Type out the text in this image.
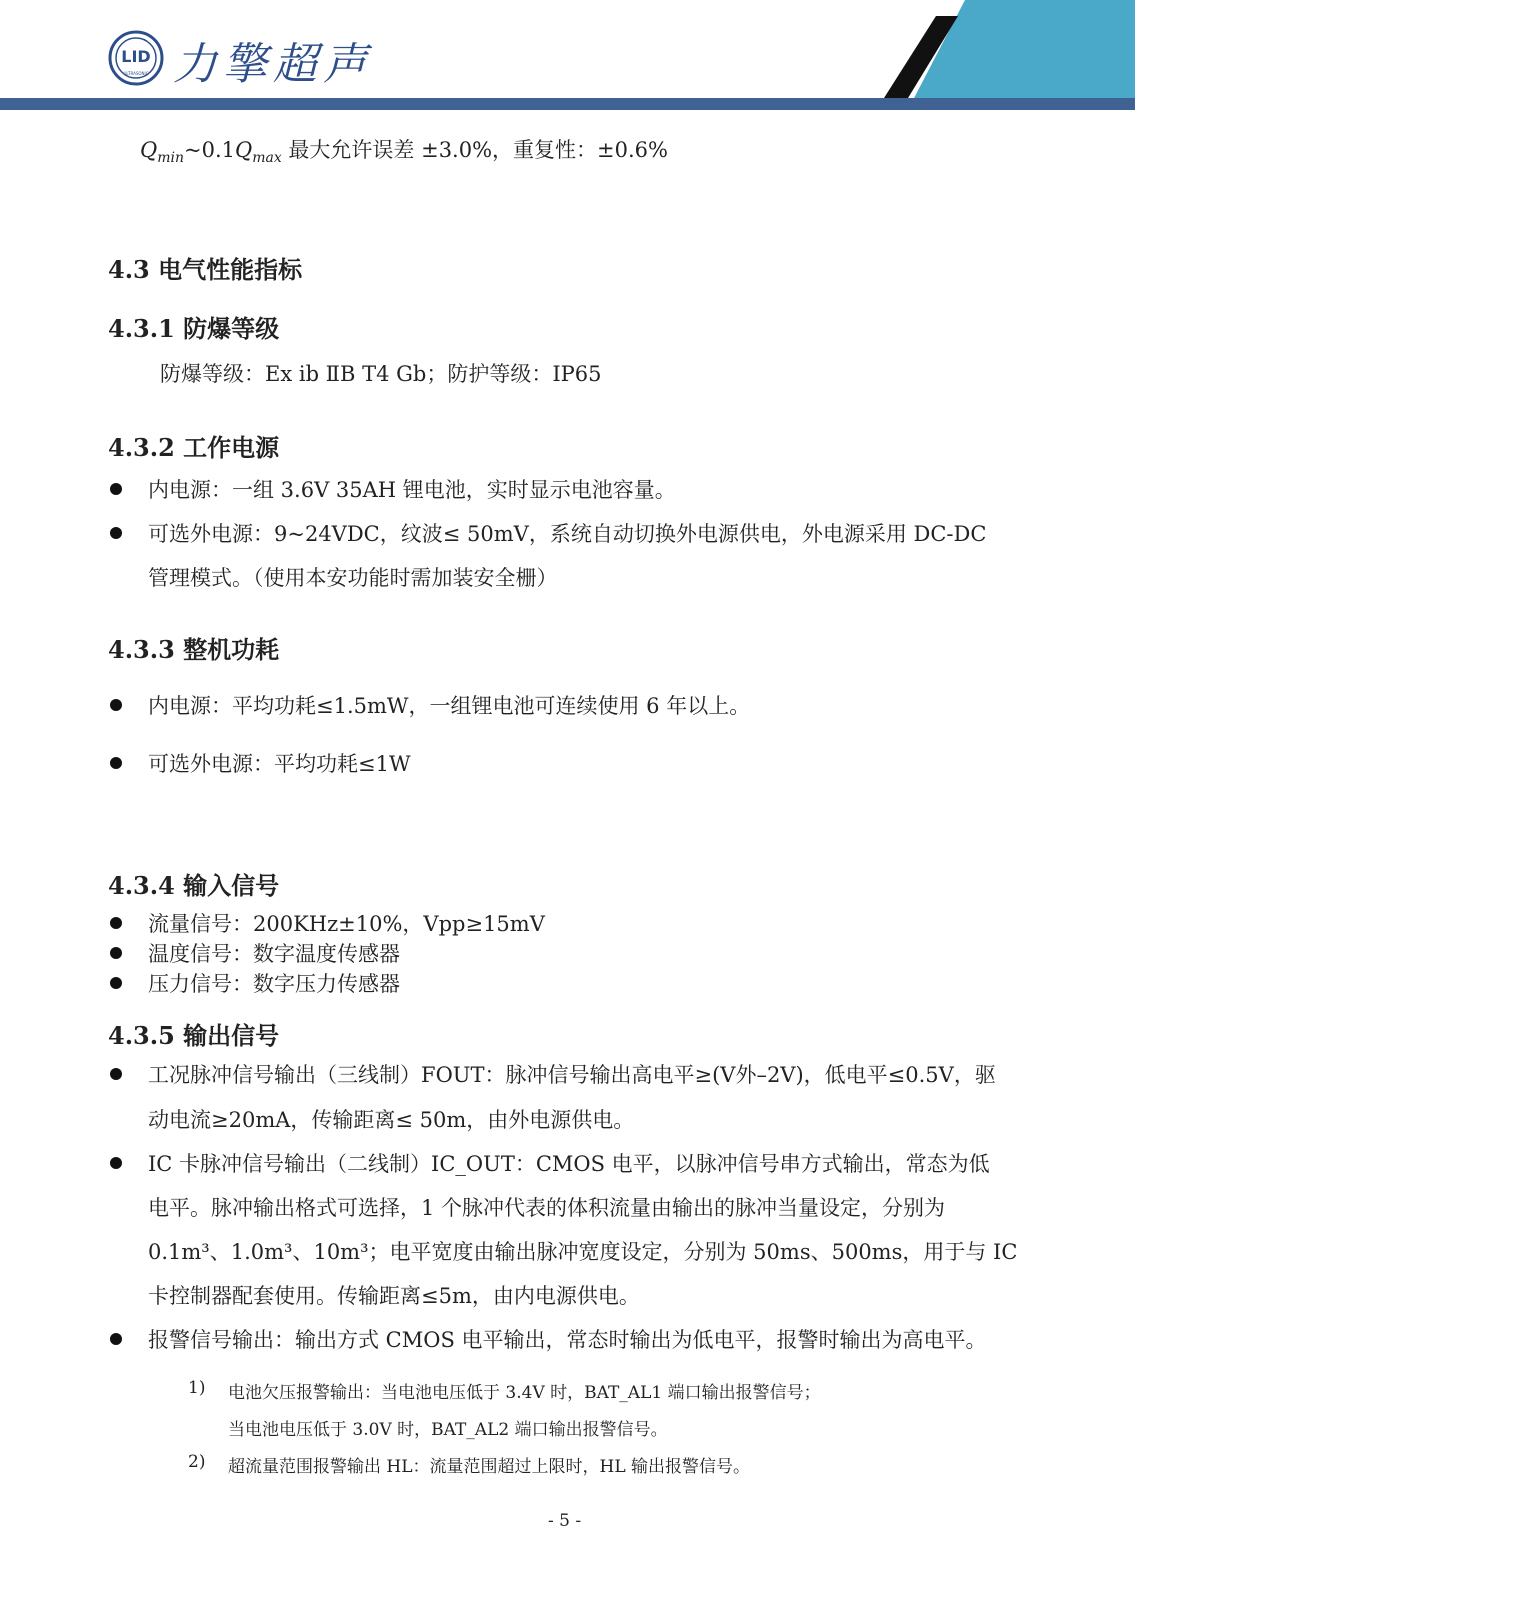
LID
ULTRASONIC 力擎超声
$Q_{min}\sim 0.1Q_{max}$ 最大允许误差 ±3.0%，重复性：±0.6%
4.3 电气性能指标
4.3.1 防爆等级
防爆等级：Ex ib ⅡB T4 Gb；防护等级：IP65
4.3.2 工作电源
内电源：一组 3.6V 35AH 锂电池，实时显示电池容量。
可选外电源：9~24VDC，纹波≤ 50mV，系统自动切换外电源供电，外电源采用 DC-DC
管理模式。（使用本安功能时需加装安全栅）
4.3.3 整机功耗
内电源：平均功耗≤1.5mW，一组锂电池可连续使用 6 年以上。
可选外电源：平均功耗≤1W
4.3.4 输入信号
流量信号：200KHz±10%，Vpp≥15mV
温度信号：数字温度传感器
压力信号：数字压力传感器
4.3.5 输出信号
工况脉冲信号输出（三线制）FOUT：脉冲信号输出高电平≥(V外–2V)，低电平≤0.5V，驱
动电流≥20mA，传输距离≤ 50m，由外电源供电。
IC 卡脉冲信号输出（二线制）IC_OUT：CMOS 电平，以脉冲信号串方式输出，常态为低
电平。脉冲输出格式可选择，1 个脉冲代表的体积流量由输出的脉冲当量设定，分别为
0.1m³、1.0m³、10m³；电平宽度由输出脉冲宽度设定，分别为 50ms、500ms，用于与 IC
卡控制器配套使用。传输距离≤5m，由内电源供电。
报警信号输出：输出方式 CMOS 电平输出，常态时输出为低电平，报警时输出为高电平。
1) 电池欠压报警输出：当电池电压低于 3.4V 时，BAT_AL1 端口输出报警信号；
当电池电压低于 3.0V 时，BAT_AL2 端口输出报警信号。
2) 超流量范围报警输出 HL：流量范围超过上限时，HL 输出报警信号。
- 5 -
